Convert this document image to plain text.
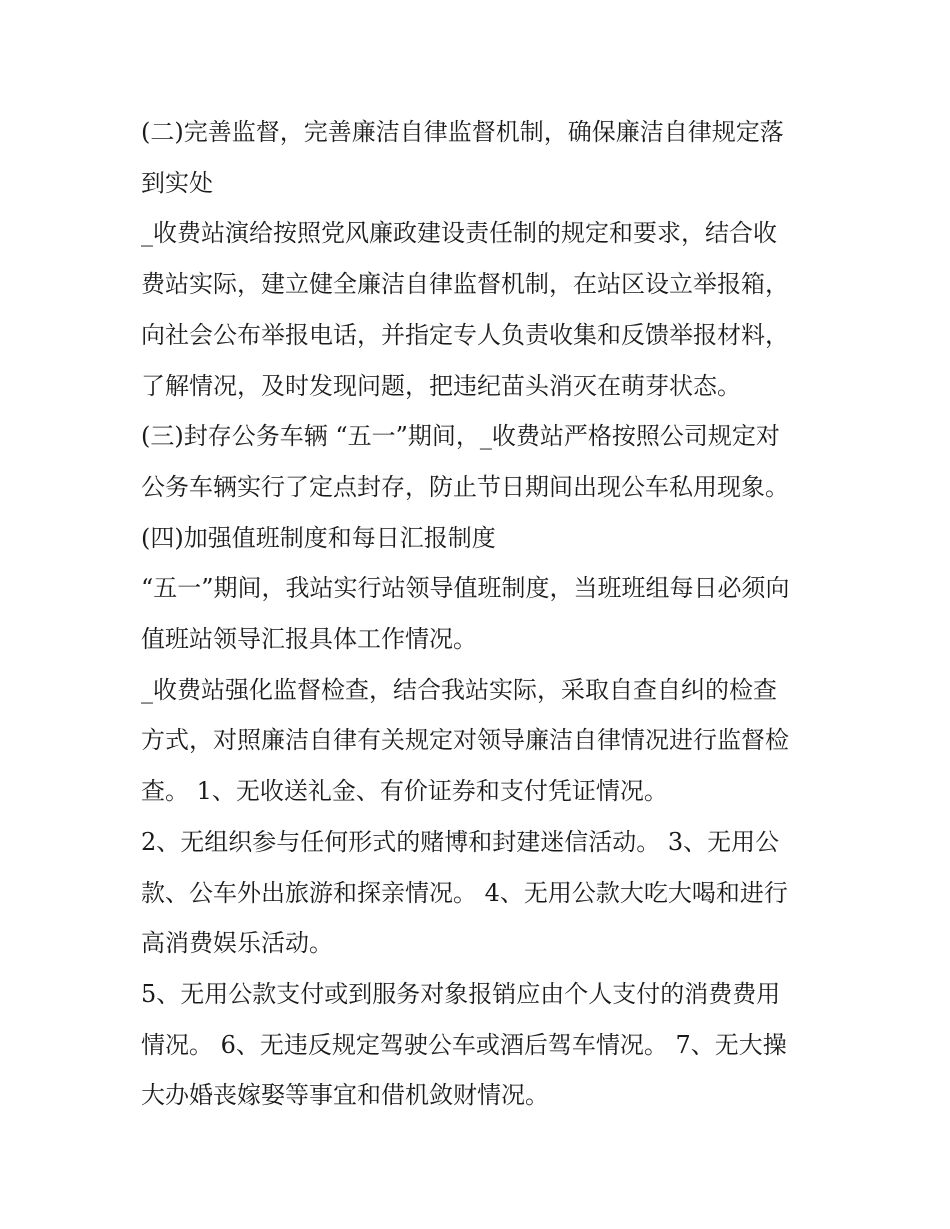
(二)完善监督，完善廉洁自律监督机制，确保廉洁自律规定落
到实处
_收费站演给按照党风廉政建设责任制的规定和要求，结合收
费站实际，建立健全廉洁自律监督机制，在站区设立举报箱，
向社会公布举报电话，并指定专人负责收集和反馈举报材料，
了解情况，及时发现问题，把违纪苗头消灭在萌芽状态。
(三)封存公务车辆 “五一”期间，_收费站严格按照公司规定对
公务车辆实行了定点封存，防止节日期间出现公车私用现象。
(四)加强值班制度和每日汇报制度
“五一”期间，我站实行站领导值班制度，当班班组每日必须向
值班站领导汇报具体工作情况。
_收费站强化监督检查，结合我站实际，采取自查自纠的检查
方式，对照廉洁自律有关规定对领导廉洁自律情况进行监督检
查。 1、无收送礼金、有价证券和支付凭证情况。
2、无组织参与任何形式的赌博和封建迷信活动。 3、无用公
款、公车外出旅游和探亲情况。 4、无用公款大吃大喝和进行
高消费娱乐活动。
5、无用公款支付或到服务对象报销应由个人支付的消费费用
情况。 6、无违反规定驾驶公车或酒后驾车情况。 7、无大操
大办婚丧嫁娶等事宜和借机敛财情况。
